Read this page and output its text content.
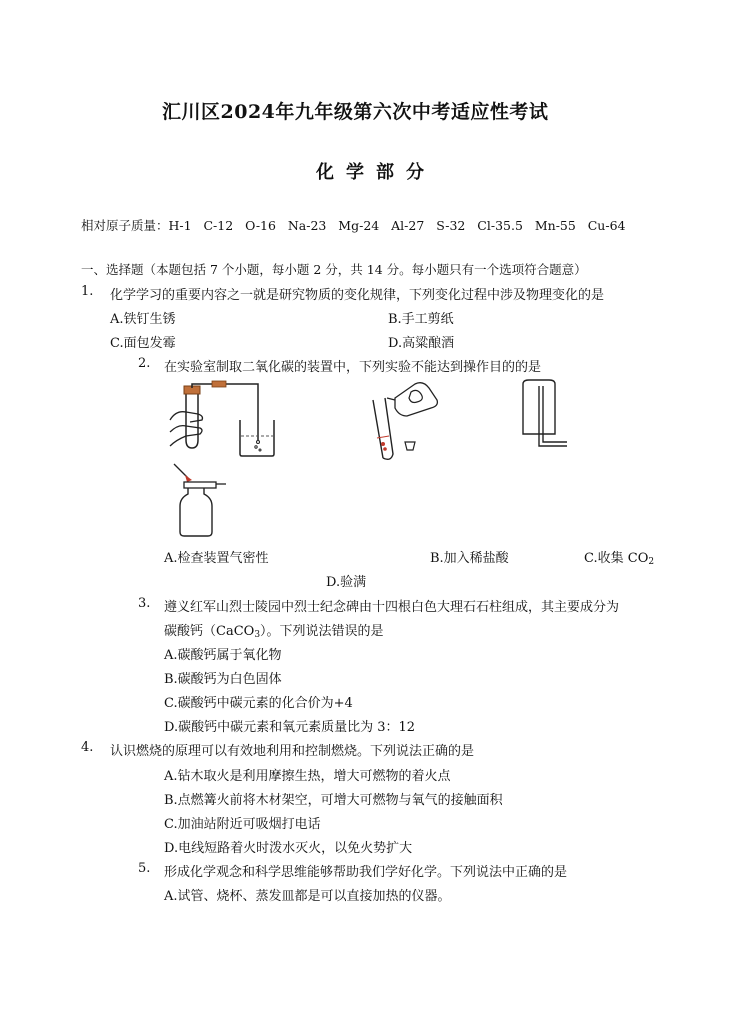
汇川区2024年九年级第六次中考适应性考试
化学部分
相对原子质量：H-1   C-12   O-16   Na-23   Mg-24   Al-27   S-32   Cl-35.5   Mn-55   Cu-64
一、选择题（本题包括 7 个小题，每小题 2 分，共 14 分。每小题只有一个选项符合题意）
1. 化学学习的重要内容之一就是研究物质的变化规律，下列变化过程中涉及物理变化的是
A.铁钉生锈	B.手工剪纸
C.面包发霉	D.高粱酿酒
2. 在实验室制取二氧化碳的装置中，下列实验不能达到操作目的的是
A.检查装置气密性	B.加入稀盐酸	C.收集 $CO_2$
D.验满
3. 遵义红军山烈士陵园中烈士纪念碑由十四根白色大理石石柱组成，其主要成分为
碳酸钙（CaCO$_3$）。下列说法错误的是
A.碳酸钙属于氧化物
B.碳酸钙为白色固体
C.碳酸钙中碳元素的化合价为+4
D.碳酸钙中碳元素和氧元素质量比为 3：12
4. 认识燃烧的原理可以有效地利用和控制燃烧。下列说法正确的是
A.钻木取火是利用摩擦生热，增大可燃物的着火点
B.点燃篝火前将木材架空，可增大可燃物与氧气的接触面积
C.加油站附近可吸烟打电话
D.电线短路着火时泼水灭火，以免火势扩大
5. 形成化学观念和科学思维能够帮助我们学好化学。下列说法中正确的是
A.试管、烧杯、蒸发皿都是可以直接加热的仪器。
